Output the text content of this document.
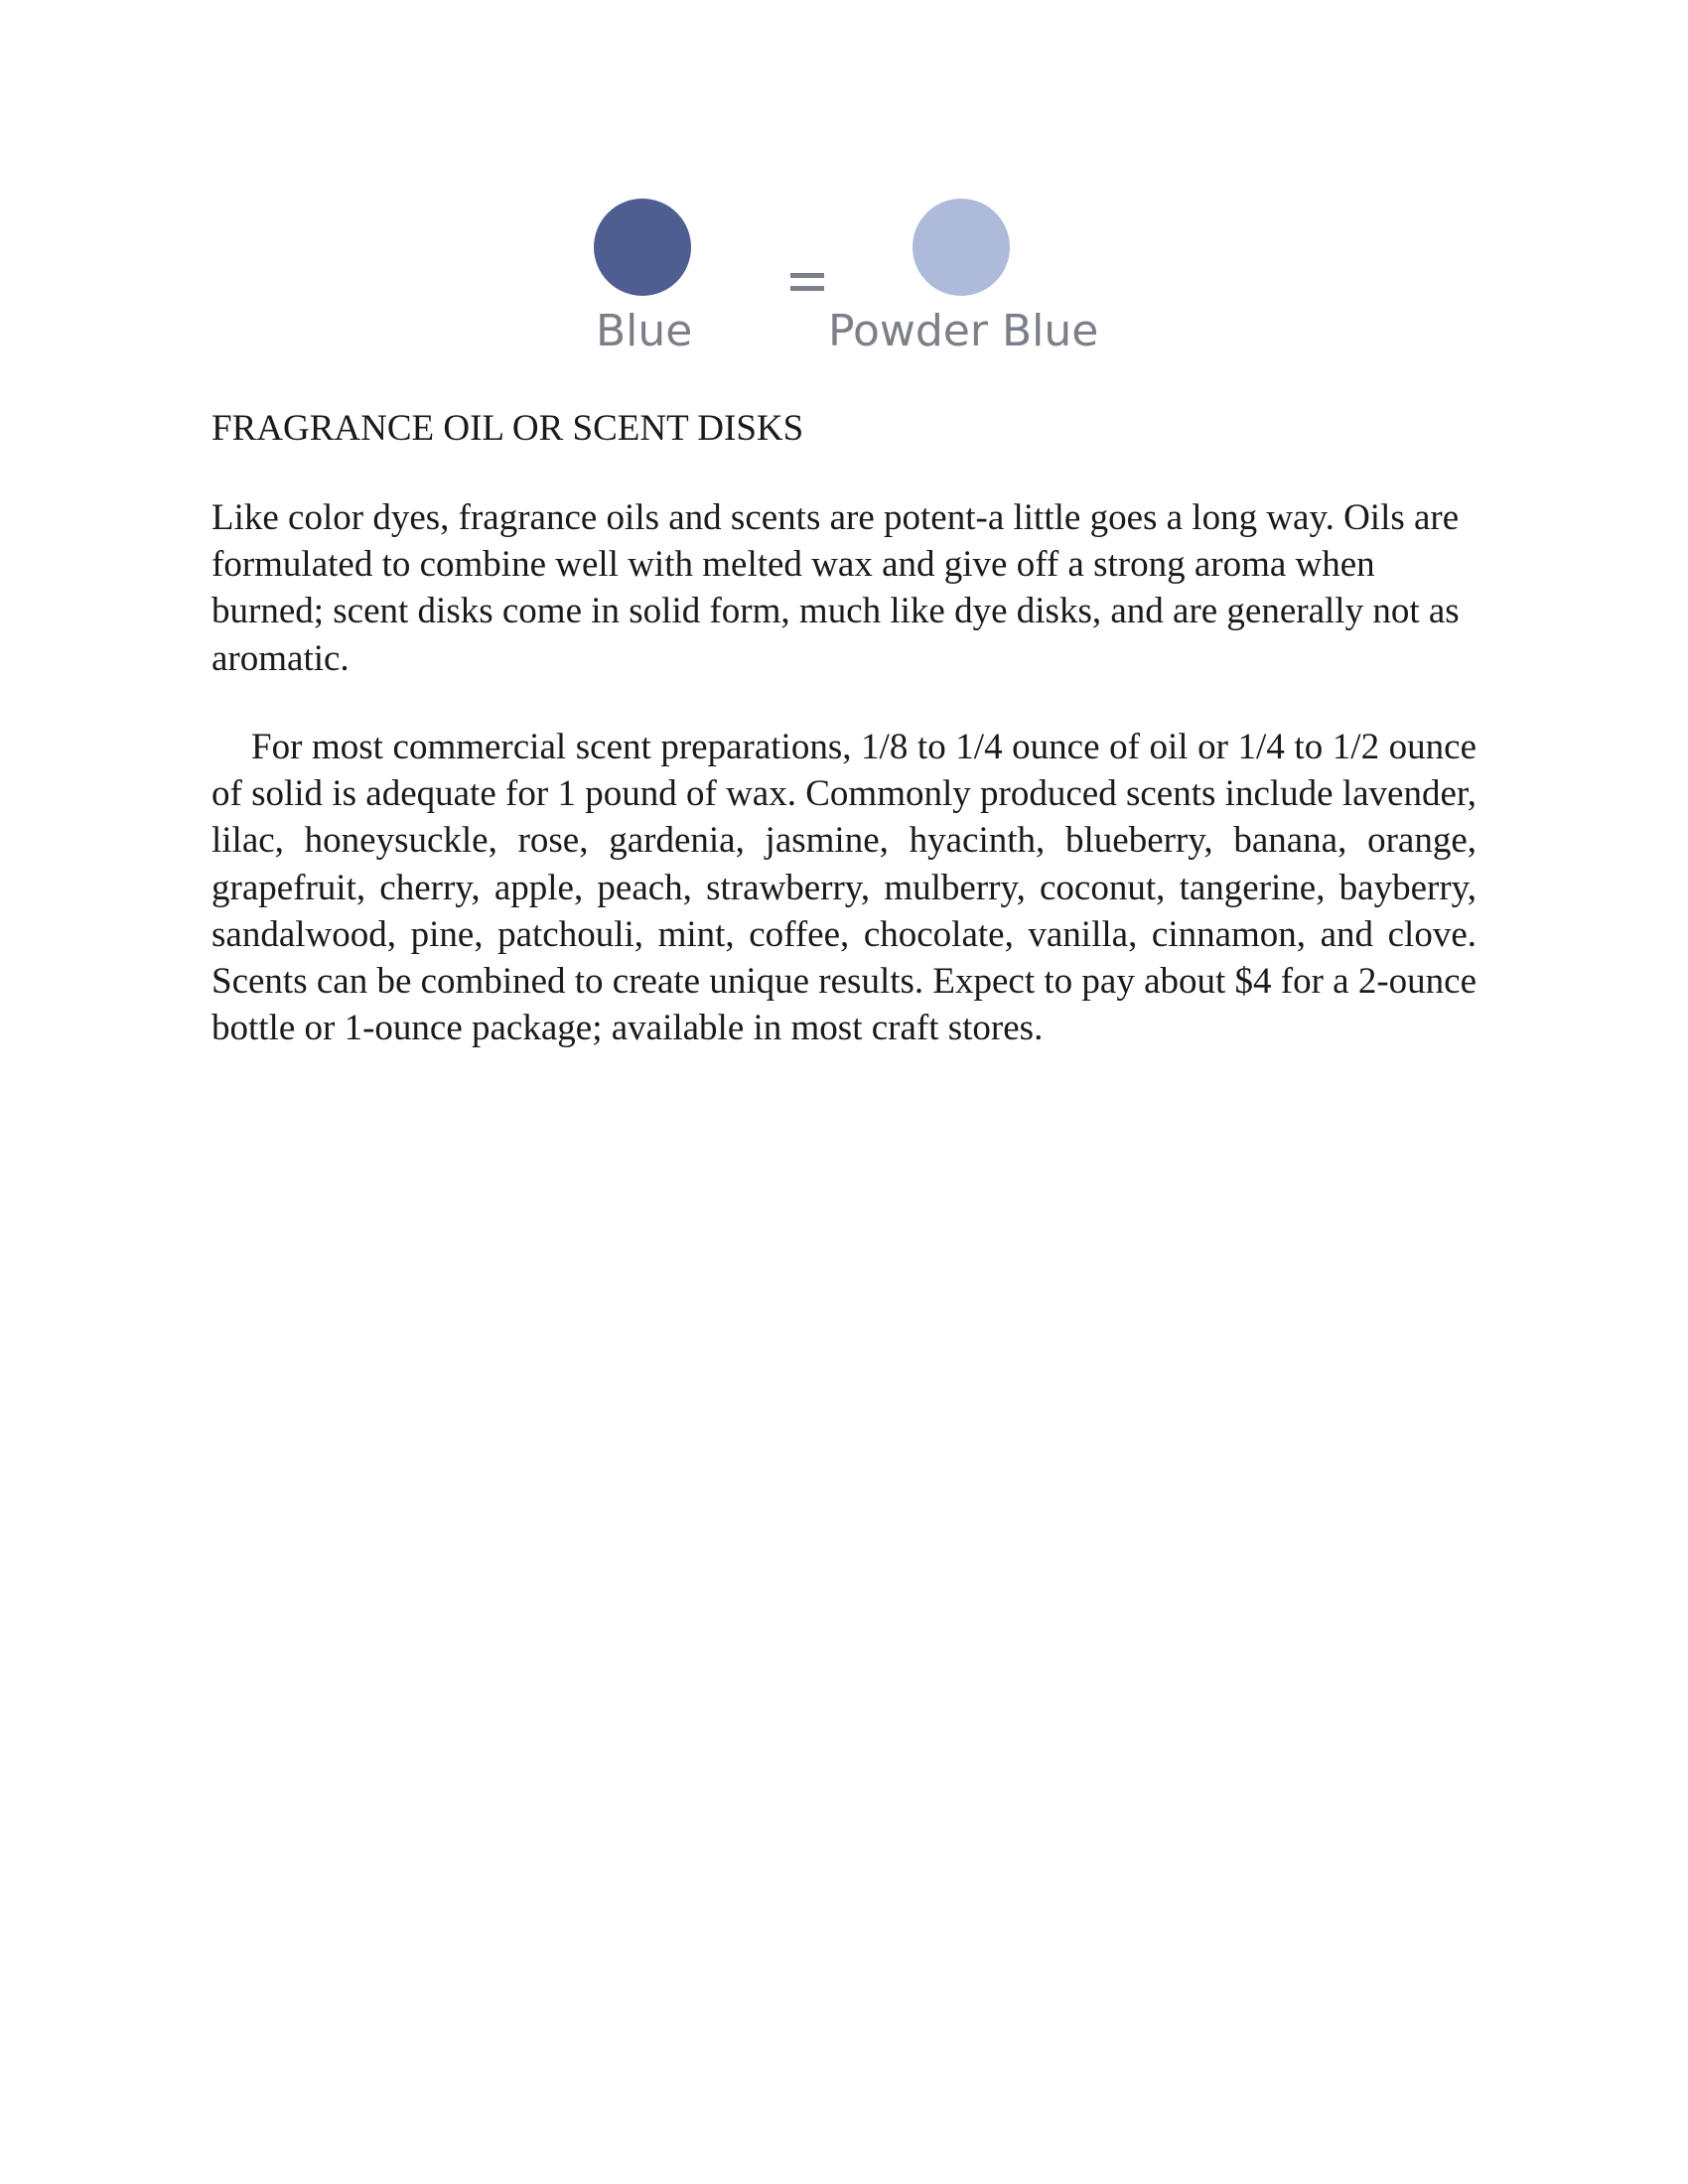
Blue	Powder Blue
FRAGRANCE OIL OR SCENT DISKS

Like color dyes, fragrance oils and scents are potent-a little goes a long way. Oils are formulated to combine well with melted wax and give off a strong aroma when burned; scent disks come in solid form, much like dye disks, and are generally not as aromatic.

For most commercial scent preparations, 1/8 to 1/4 ounce of oil or 1/4 to 1/2 ounce of solid is adequate for 1 pound of wax. Commonly produced scents include lavender, lilac, honeysuckle, rose, gardenia, jasmine, hyacinth, blueberry, banana, orange, grapefruit, cherry, apple, peach, strawberry, mulberry, coconut, tangerine, bayberry, sandalwood, pine, patchouli, mint, coffee, chocolate, vanilla, cinnamon, and clove. Scents can be combined to create unique results. Expect to pay about $4 for a 2-ounce bottle or 1-ounce package; available in most craft stores.
